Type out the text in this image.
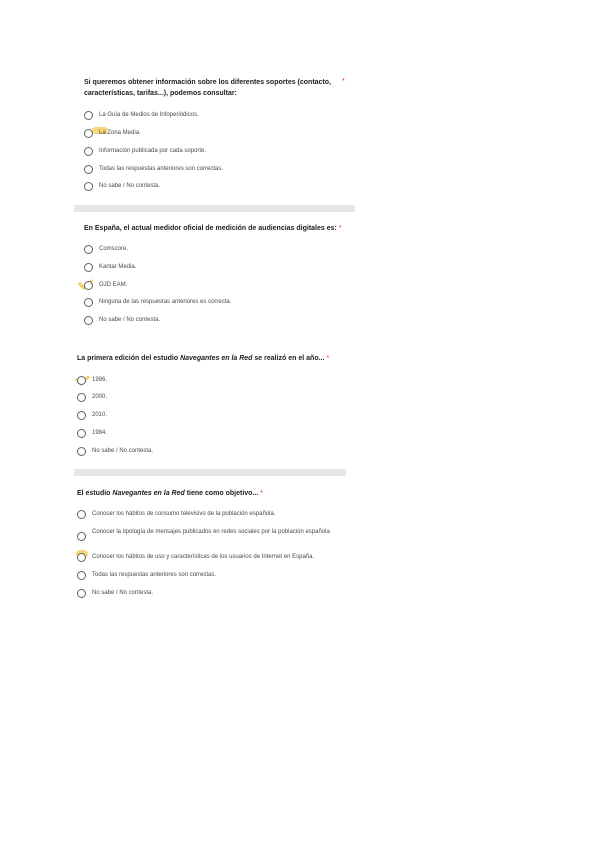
Si queremos obtener información sobre los diferentes soportes (contacto, características, tarifas...), podemos consultar:
*
La Guía de Medios de Infoperiódicos.
La Zona Media.
Información publicada por cada soporte.
Todas las respuestas anteriores son correctas.
No sabe / No contesta.
En España, el actual medidor oficial de medición de audiencias digitales es: *
Comscore.
Kantar Media.
OJD EAM.
Ninguna de las respuestas anteriores es correcta.
No sabe / No contesta.
La primera edición del estudio Navegantes en la Red se realizó en el año... *
1996.
2000.
2010.
1984.
No sabe / No contesta.
El estudio Navegantes en la Red tiene como objetivo... *
Conocer los hábitos de consumo televisivo de la población española.
Conocer la tipología de mensajes publicados en redes sociales por la población española
Conocer los hábitos de uso y características de los usuarios de Internet en España.
Todas las respuestas anteriores son correctas.
No sabe / No contesta.
